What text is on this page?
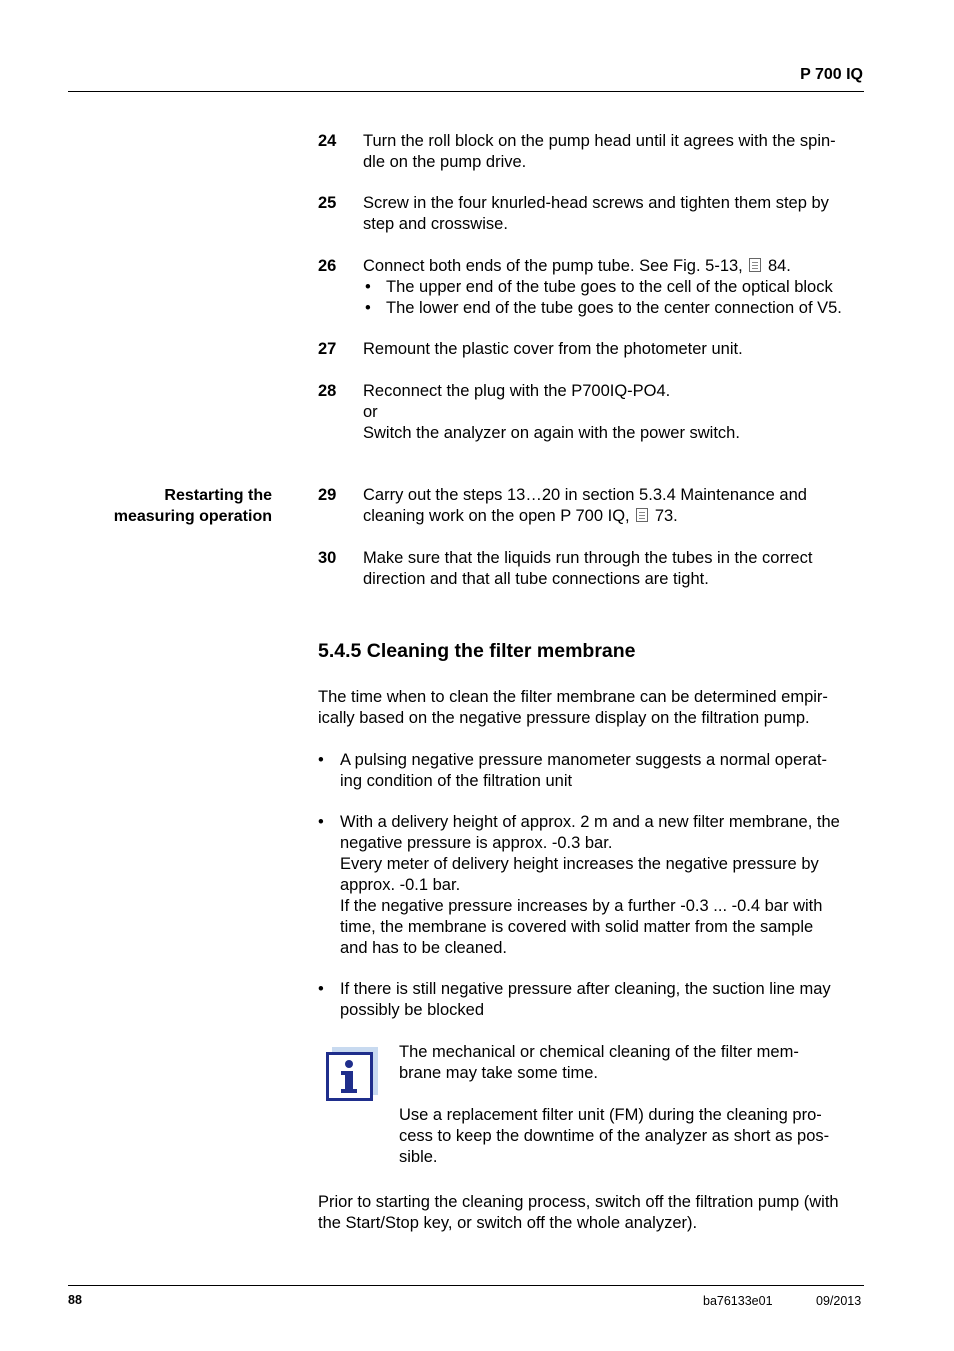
P 700 IQ
24 Turn the roll block on the pump head until it agrees with the spin-
dle on the pump drive.
25 Screw in the four knurled-head screws and tighten them step by
step and crosswise.
26 Connect both ends of the pump tube. See Fig. 5-13, 84.
• The upper end of the tube goes to the cell of the optical block
• The lower end of the tube goes to the center connection of V5.
27 Remount the plastic cover from the photometer unit.
28 Reconnect the plug with the P700IQ-PO4.
or
Switch the analyzer on again with the power switch.
Restarting the
measuring operation
29 Carry out the steps 13…20 in section 5.3.4 Maintenance and
cleaning work on the open P 700 IQ, 73.
30 Make sure that the liquids run through the tubes in the correct
direction and that all tube connections are tight.
5.4.5 Cleaning the filter membrane
The time when to clean the filter membrane can be determined empir-
ically based on the negative pressure display on the filtration pump.
• A pulsing negative pressure manometer suggests a normal operat-
ing condition of the filtration unit
• With a delivery height of approx. 2 m and a new filter membrane, the
negative pressure is approx. -0.3 bar.
Every meter of delivery height increases the negative pressure by
approx. -0.1 bar.
If the negative pressure increases by a further -0.3 ... -0.4 bar with
time, the membrane is covered with solid matter from the sample
and has to be cleaned.
• If there is still negative pressure after cleaning, the suction line may
possibly be blocked
The mechanical or chemical cleaning of the filter mem-
brane may take some time.
Use a replacement filter unit (FM) during the cleaning pro-
cess to keep the downtime of the analyzer as short as pos-
sible.
Prior to starting the cleaning process, switch off the filtration pump (with
the Start/Stop key, or switch off the whole analyzer).
88	ba76133e01	09/2013
